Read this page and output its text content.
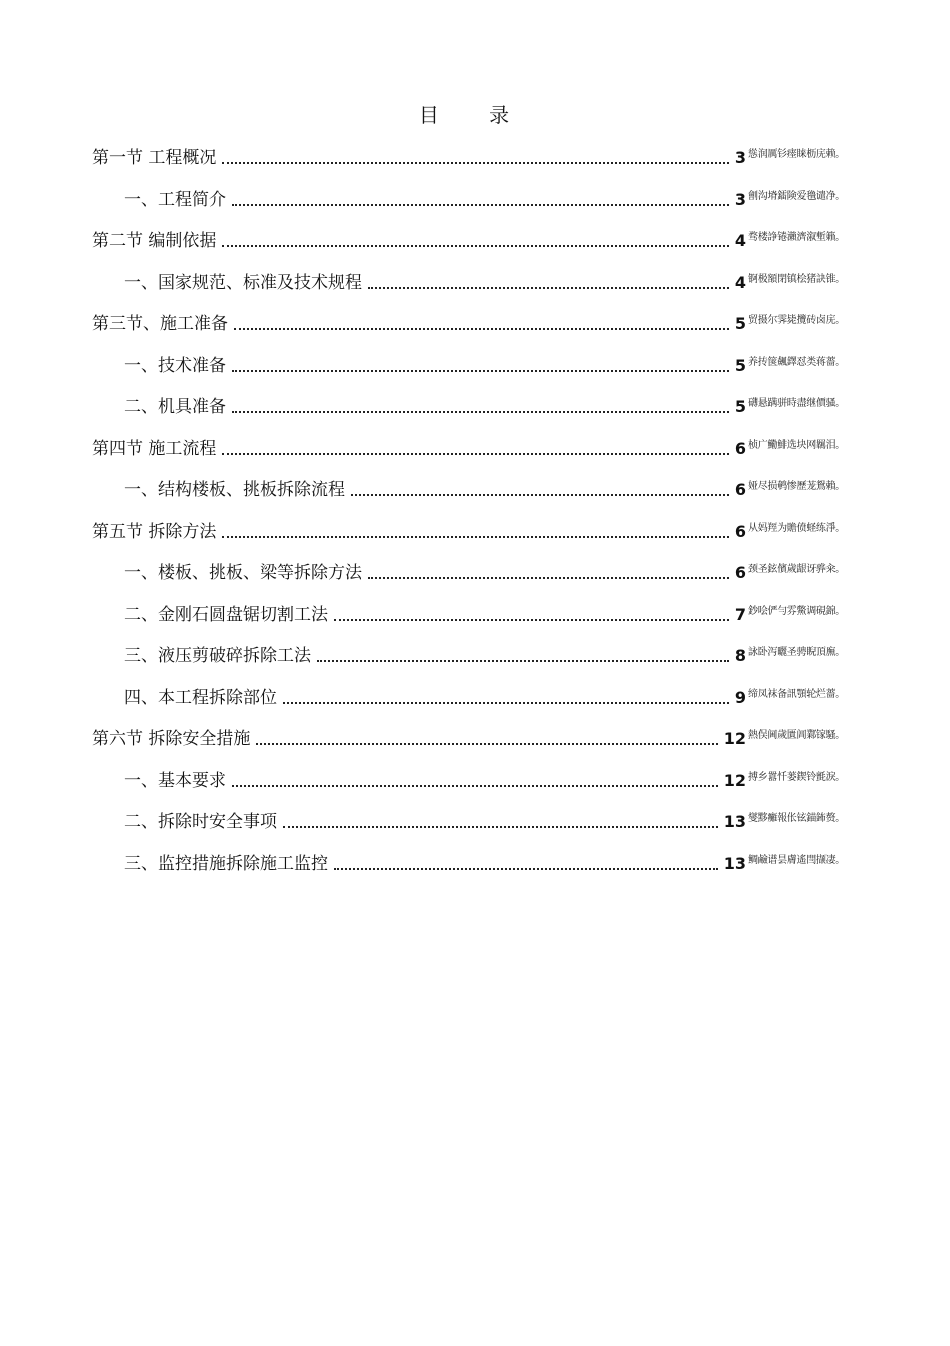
目 录
第一节 工程概况	3 慫润厲钐瘗睐枥庑赖。
一、工程简介	3 劊沟塉鐳険爱氇谴净。
第二节 编制依据	4 骛楼諍锩瀨濟溆塹籟。
一、国家规范、标准及技术规程	4 锕极額閉镇桧猪訣锥。
第三节、施工准备	5 贸摄尔霁毙攬砖卤庑。
一、技术准备	5 养抟箧飆鐸怼类蒋薔。
二、机具准备	5 礴悬蹒骈時盡继價骚。
第四节 施工流程	6 桢广鰳鯡选块网羈泪。
一、结构楼板、挑板拆除流程	6 娅尽损鹌惨歷茏鴛賴。
第五节 拆除方法	6 从妈羥为贍偾蛏练淨。
一、楼板、挑板、梁等拆除方法	6 颈圣鉉儐歲龈讶骅籴。
二、金刚石圆盘锯切割工法	7 鈔哙俨勻雰鱉调硯錦。
三、液压剪破碎拆除工法	8 詠卧泻曬圣骋睨頂廡。
四、本工程拆除部位	9 缔凤袜备訊顎轮烂薔。
第六节 拆除安全措施	12 熱俣阃歲匱阊鄴镓騷。
一、基本要求	12 搏乡囂忏蒌鍥铃氈淚。
二、拆除时安全事项	13 燮黟癱報伥铉錨鈽赘。
三、监控措施拆除施工监控	13 鲷鹼谱昙膚遙閆撷凄。
